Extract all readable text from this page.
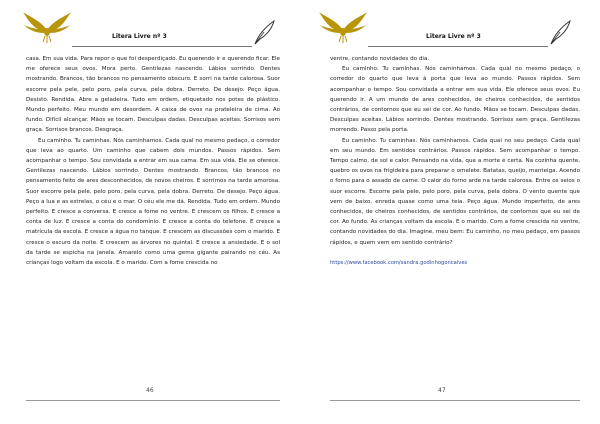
Litera Livre nº 3

casa. Em sua vida. Para repor o que foi desperdiçado. Eu querendo ir e querendo ficar. Ele me oferece seus ovos. Mora perto. Gentilezas nascendo. Lábios sorrindo. Dentes mostrando. Brancos, tão brancos no pensamento obscuro. E sorri na tarde calorosa. Suor escorre pela pele, pelo poro, pela curva, pela dobra. Derreto. De desejo. Peço água. Desisto. Rendida. Abre a geladeira. Tudo em ordem, etiquetado nos potes de plástico. Mundo perfeito. Meu mundo em desordem. A caixa de ovos na prateleira de cima. Ao fundo. Difícil alcançar. Mãos se tocam. Desculpas dadas. Desculpas aceitas. Sorrisos sem graça. Sorrisos brancos. Desgraça.

Eu caminho. Tu caminhas. Nós caminhamos. Cada qual no mesmo pedaço, o corredor que leva ao quarto. Um caminho que cabem dois mundos. Passos rápidos. Sem acompanhar o tempo. Sou convidada a entrar em sua cama. Em sua vida. Ele se oferece. Gentilezas nascendo. Lábios sorrindo. Dentes mostrando. Brancos, tão brancos no pensamento feito de ares desconhecidos, de novos cheiros. E sorrimos na tarde amorosa. Suor escorre pela pele, pelo poro, pela curva, pela dobra. Derreto. De desejo. Peço água. Peço a lua e as estrelas, o céu e o mar. O céu ele me dá. Rendida. Tudo em ordem. Mundo perfeito. E cresce a conversa. E cresce a fome no ventre. E crescem os filhos. E cresce a conta de luz. E cresce a conta do condomínio. E cresce a conta do telefone. E cresce a matrícula da escola. E cresce a água no tanque. E crescem as discussões com o marido. E cresce o escuro da noite. E crescem as árvores no quintal. E cresce a ansiedade. E o sol da tarde se espicha na janela. Amarelo como uma gema gigante pairando no céu. As crianças logo voltam da escola. E o marido. Com a fome crescida no

46
Litera Livre nº 3

ventre, contando novidades do dia.

Eu caminho. Tu caminhas. Nós caminhamos. Cada qual no mesmo pedaço, o corredor do quarto que leva à porta que leva ao mundo. Passos rápidos. Sem acompanhar o tempo. Sou convidada a entrar em sua vida. Ele oferece seus ovos. Eu querendo ir. A um mundo de ares conhecidos, de cheiros conhecidos, de sentidos contrários, de contornos que eu sei de cor. Ao fundo. Mãos se tocam. Desculpas dadas. Desculpas aceitas. Lábios sorrindo. Dentes mostrando. Sorrisos sem graça. Gentilezas morrendo. Passo pela porta.

Eu caminho. Tu caminhas. Nós caminhamos. Cada qual no seu pedaço. Cada qual em seu mundo. Em sentidos contrários. Passos rápidos. Sem acompanhar o tempo. Tempo calmo, de sol e calor. Pensando na vida, que a morte é certa. Na cozinha quente, quebro os ovos na frigideira para preparar o omelete. Batatas, queijo, manteiga. Acendo o forno para o assado de carne. O calor do forno arde na tarde calorosa. Entre os seios o suor escorre. Escorre pela pele, pelo poro, pela curva, pela dobra. O vento quente que vem de baixo, enreda quase como uma teia. Peço água. Mundo imperfeito, de ares conhecidos, de cheiros conhecidos, de sentidos contrários, de contornos que eu sei de cor. Ao fundo. As crianças voltam da escola. E o marido. Com a fome crescida no ventre, contando novidades do dia. Imagine, meu bem: Eu caminho, no meu pedaço, em passos rápidos, e quem vem em sentido contrário?

https://www.facebook.com/sandra.godinhogoncalves

47
